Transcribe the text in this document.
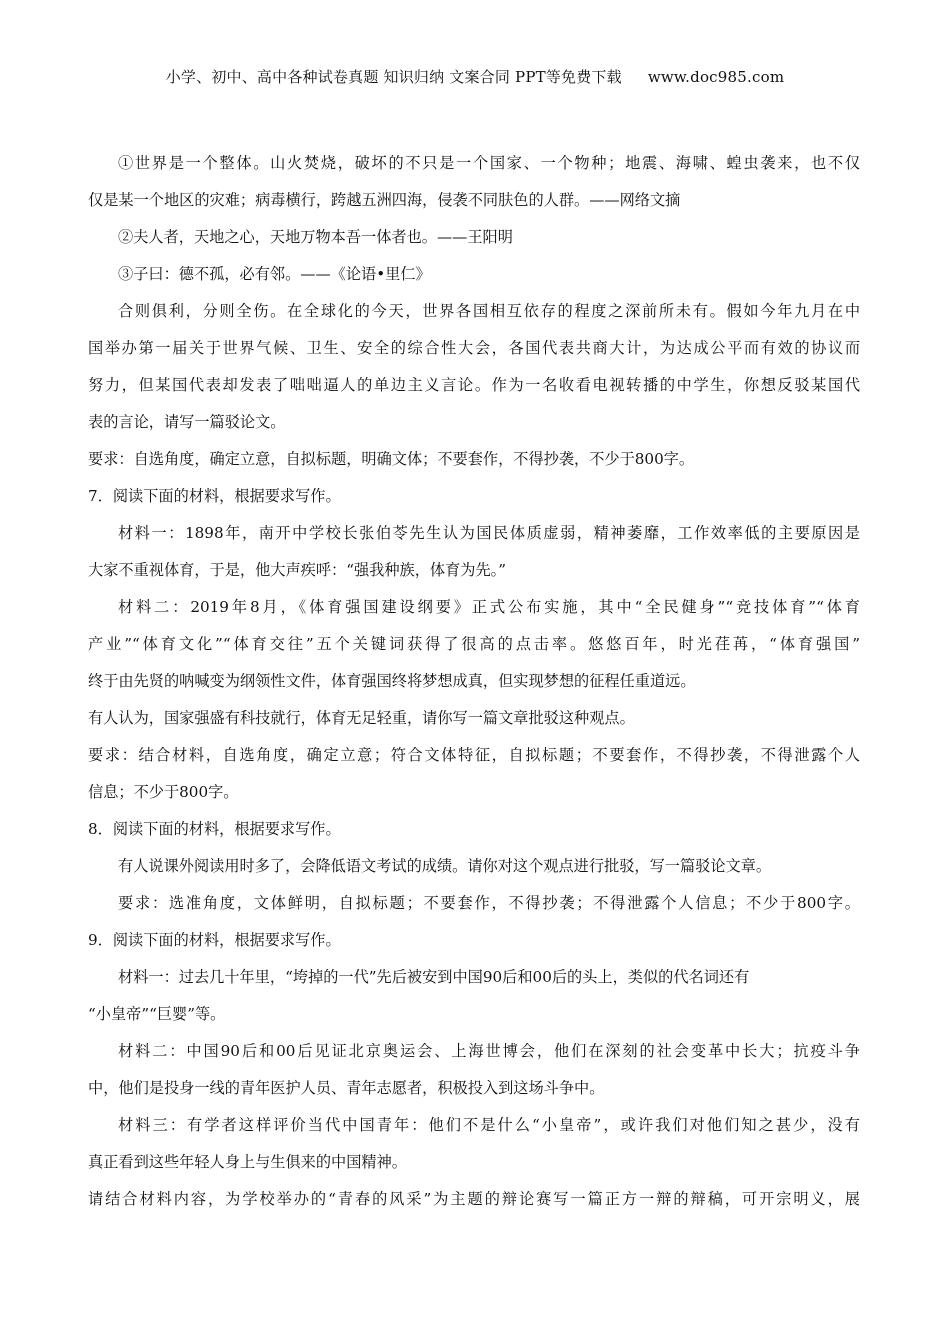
小学、初中、高中各种试卷真题 知识归纳 文案合同 PPT等免费下载 www.doc985.com
①世界是一个整体。山火焚烧，破坏的不只是一个国家、一个物种；地震、海啸、蝗虫袭来，也不仅
仅是某一个地区的灾难；病毒横行，跨越五洲四海，侵袭不同肤色的人群。——网络文摘
②夫人者，天地之心，天地万物本吾一体者也。——王阳明
③子曰：德不孤，必有邻。——《论语•里仁》
合则俱利，分则全伤。在全球化的今天，世界各国相互依存的程度之深前所未有。假如今年九月在中
国举办第一届关于世界气候、卫生、安全的综合性大会，各国代表共商大计，为达成公平而有效的协议而
努力，但某国代表却发表了咄咄逼人的单边主义言论。作为一名收看电视转播的中学生，你想反驳某国代
表的言论，请写一篇驳论文。
要求：自选角度，确定立意，自拟标题，明确文体；不要套作，不得抄袭，不少于800字。
7．阅读下面的材料，根据要求写作。
材料一：1898年，南开中学校长张伯苓先生认为国民体质虚弱，精神萎靡，工作效率低的主要原因是
大家不重视体育，于是，他大声疾呼：“强我种族，体育为先。”
材料二：2019年8月，《体育强国建设纲要》正式公布实施，其中“全民健身”“竞技体育”“体育
产业”“体育文化”“体育交往”五个关键词获得了很高的点击率。悠悠百年，时光荏苒，“体育强国”
终于由先贤的呐喊变为纲领性文件，体育强国终将梦想成真，但实现梦想的征程任重道远。
有人认为，国家强盛有科技就行，体育无足轻重，请你写一篇文章批驳这种观点。
要求：结合材料，自选角度，确定立意；符合文体特征，自拟标题；不要套作，不得抄袭，不得泄露个人
信息；不少于800字。
8．阅读下面的材料，根据要求写作。
有人说课外阅读用时多了，会降低语文考试的成绩。请你对这个观点进行批驳，写一篇驳论文章。
要求：选准角度，文体鲜明，自拟标题；不要套作，不得抄袭；不得泄露个人信息；不少于800字。
9．阅读下面的材料，根据要求写作。
材料一：过去几十年里，“垮掉的一代”先后被安到中国90后和00后的头上，类似的代名词还有
“小皇帝”“巨婴”等。
材料二：中国90后和00后见证北京奥运会、上海世博会，他们在深刻的社会变革中长大；抗疫斗争
中，他们是投身一线的青年医护人员、青年志愿者，积极投入到这场斗争中。
材料三：有学者这样评价当代中国青年：他们不是什么“小皇帝”，或许我们对他们知之甚少，没有
真正看到这些年轻人身上与生俱来的中国精神。
请结合材料内容，为学校举办的“青春的风采”为主题的辩论赛写一篇正方一辩的辩稿，可开宗明义，展
